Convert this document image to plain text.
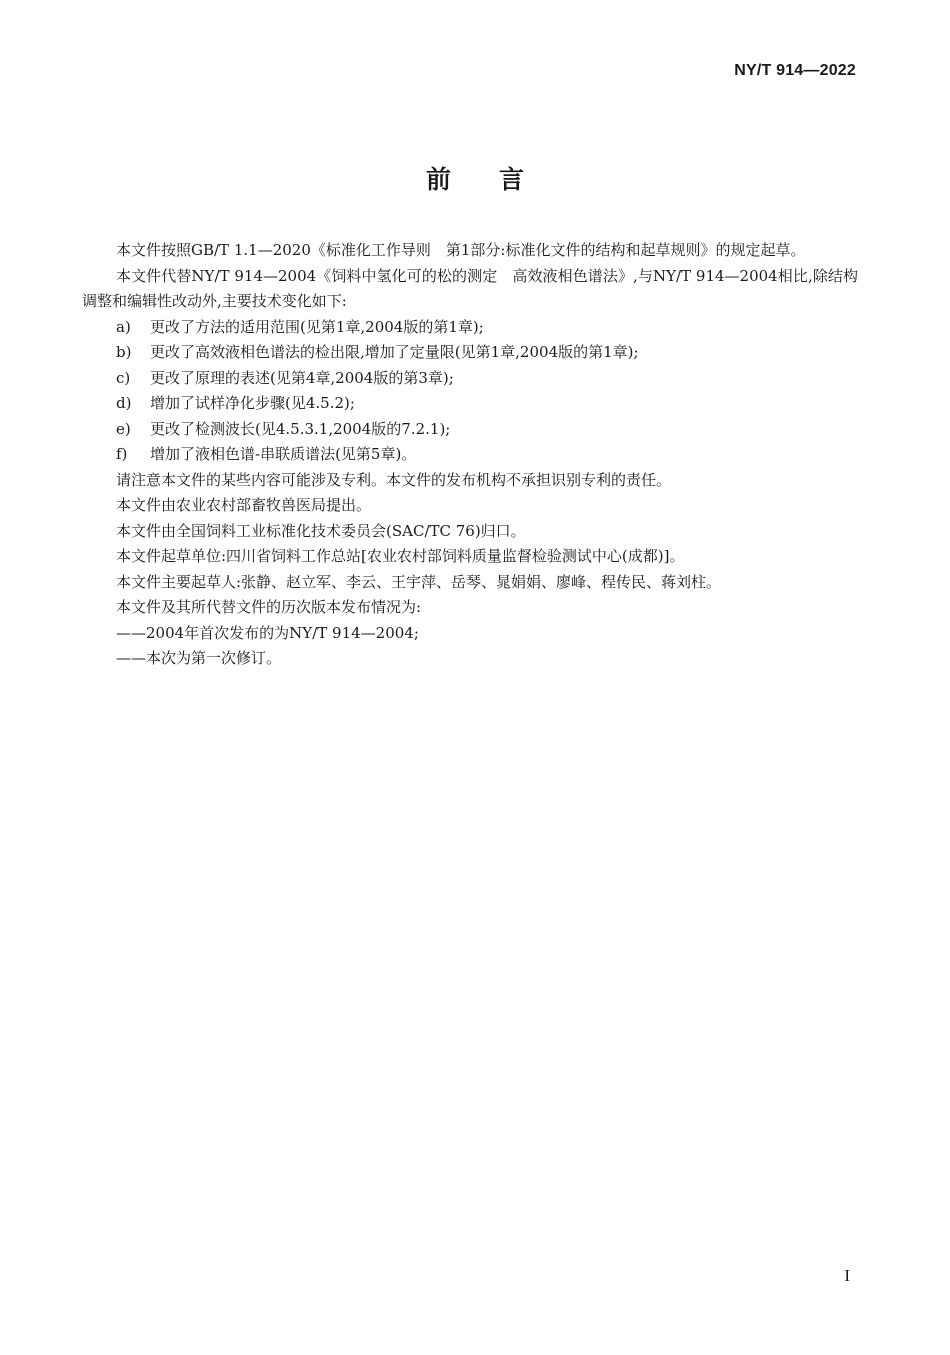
NY/T 914—2022
前言

本文件按照GB/T 1.1—2020《标准化工作导则　第1部分:标准化文件的结构和起草规则》的规定起草。

本文件代替NY/T 914—2004《饲料中氢化可的松的测定　高效液相色谱法》,与NY/T 914—2004相比,除结构调整和编辑性改动外,主要技术变化如下:

a) 更改了方法的适用范围(见第1章,2004版的第1章);

b) 更改了高效液相色谱法的检出限,增加了定量限(见第1章,2004版的第1章);

c) 更改了原理的表述(见第4章,2004版的第3章);

d) 增加了试样净化步骤(见4.5.2);

e) 更改了检测波长(见4.5.3.1,2004版的7.2.1);

f) 增加了液相色谱-串联质谱法(见第5章)。

请注意本文件的某些内容可能涉及专利。本文件的发布机构不承担识别专利的责任。

本文件由农业农村部畜牧兽医局提出。

本文件由全国饲料工业标准化技术委员会(SAC/TC 76)归口。

本文件起草单位:四川省饲料工作总站[农业农村部饲料质量监督检验测试中心(成都)]。

本文件主要起草人:张静、赵立军、李云、王宇萍、岳琴、晁娟娟、廖峰、程传民、蒋刘柱。

本文件及其所代替文件的历次版本发布情况为:

——2004年首次发布的为NY/T 914—2004;

——本次为第一次修订。

I
